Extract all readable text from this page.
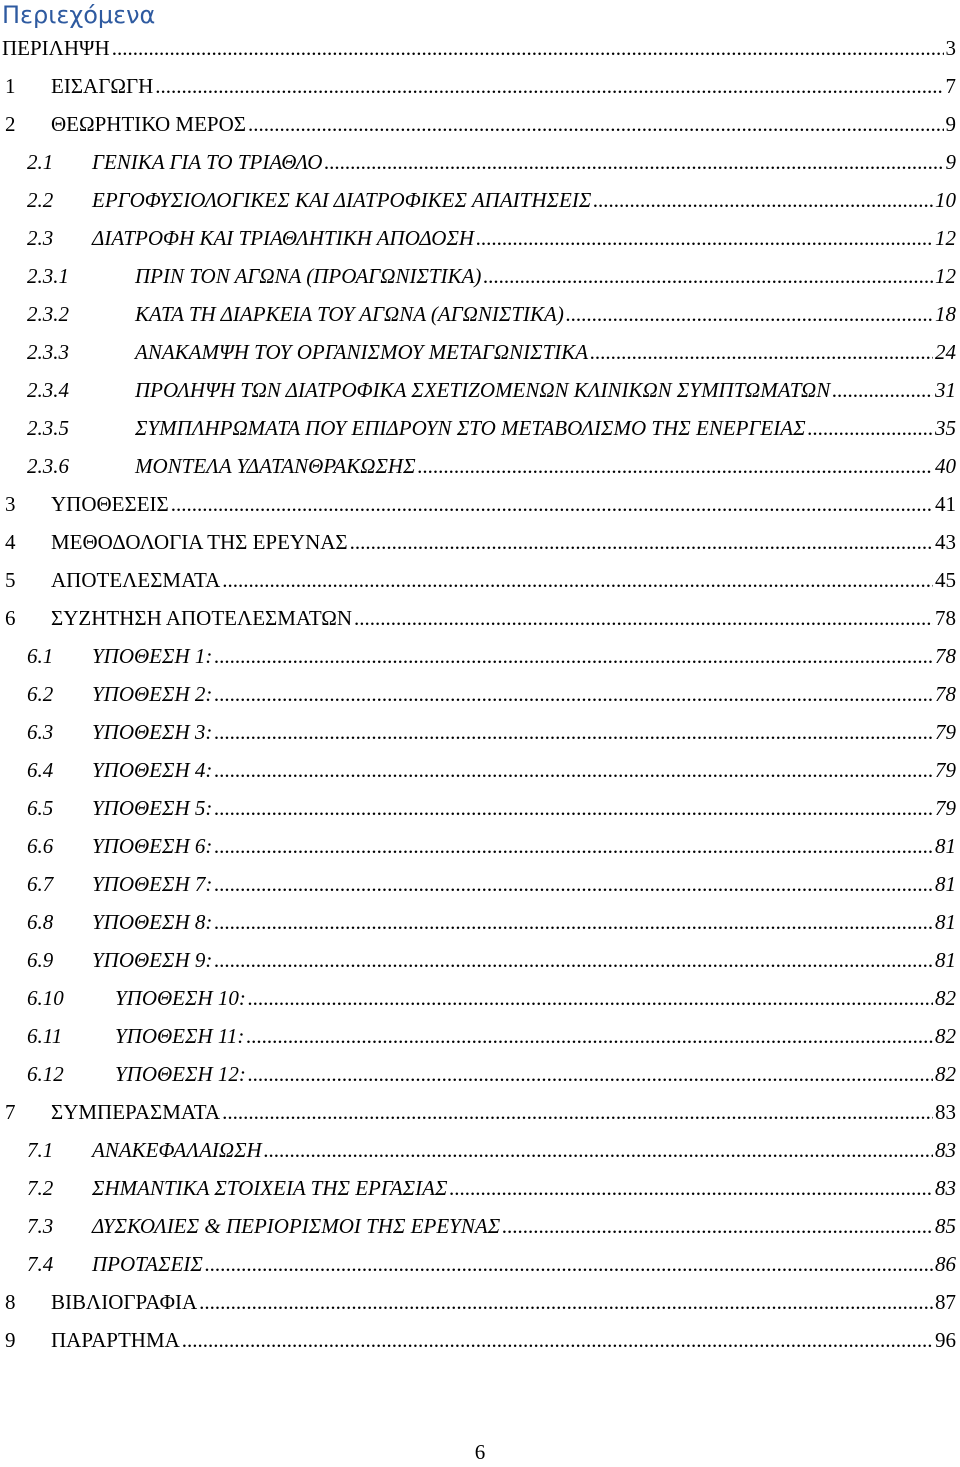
Περιεχόμενα
ΠΕΡΙΛΗΨΗ .....	3
1	ΕΙΣΑΓΩΓΗ .....	7
2	ΘΕΩΡΗΤΙΚΟ ΜΕΡΟΣ .....	9
2.1	ΓΕΝΙΚΑ ΓΙΑ ΤΟ ΤΡΙΑΘΛΟ .....	9
2.2	ΕΡΓΟΦΥΣΙΟΛΟΓΙΚΕΣ ΚΑΙ ΔΙΑΤΡΟΦΙΚΕΣ ΑΠΑΙΤΗΣΕΙΣ .....	10
2.3	ΔΙΑΤΡΟΦΗ ΚΑΙ ΤΡΙΑΘΛΗΤΙΚΗ ΑΠΟΔΟΣΗ .....	12
2.3.1	ΠΡΙΝ ΤΟΝ ΑΓΩΝΑ (ΠΡΟΑΓΩΝΙΣΤΙΚΑ) .....	12
2.3.2	ΚΑΤΑ ΤΗ ΔΙΑΡΚΕΙΑ ΤΟΥ ΑΓΩΝΑ (ΑΓΩΝΙΣΤΙΚΑ) .....	18
2.3.3	ΑΝΑΚΑΜΨΗ ΤΟΥ ΟΡΓΑΝΙΣΜΟΥ ΜΕΤΑΓΩΝΙΣΤΙΚΑ .....	24
2.3.4	ΠΡΟΛΗΨΗ ΤΩΝ ΔΙΑΤΡΟΦΙΚΑ ΣΧΕΤΙΖΟΜΕΝΩΝ ΚΛΙΝΙΚΩΝ ΣΥΜΠΤΩΜΑΤΩΝ .....	31
2.3.5	ΣΥΜΠΛΗΡΩΜΑΤΑ ΠΟΥ ΕΠΙΔΡΟΥΝ ΣΤΟ ΜΕΤΑΒΟΛΙΣΜΟ ΤΗΣ ΕΝΕΡΓΕΙΑΣ .....	35
2.3.6	ΜΟΝΤΕΛΑ ΥΔΑΤΑΝΘΡΑΚΩΣΗΣ .....	40
3	ΥΠΟΘΕΣΕΙΣ .....	41
4	ΜΕΘΟΔΟΛΟΓΙΑ ΤΗΣ ΕΡΕΥΝΑΣ .....	43
5	ΑΠΟΤΕΛΕΣΜΑΤΑ .....	45
6	ΣΥΖΗΤΗΣΗ ΑΠΟΤΕΛΕΣΜΑΤΩΝ .....	78
6.1	ΥΠΟΘΕΣΗ 1: .....	78
6.2	ΥΠΟΘΕΣΗ 2: .....	78
6.3	ΥΠΟΘΕΣΗ 3: .....	79
6.4	ΥΠΟΘΕΣΗ 4: .....	79
6.5	ΥΠΟΘΕΣΗ 5: .....	79
6.6	ΥΠΟΘΕΣΗ 6: .....	81
6.7	ΥΠΟΘΕΣΗ 7: .....	81
6.8	ΥΠΟΘΕΣΗ 8: .....	81
6.9	ΥΠΟΘΕΣΗ 9: .....	81
6.10	ΥΠΟΘΕΣΗ 10: .....	82
6.11	ΥΠΟΘΕΣΗ 11: .....	82
6.12	ΥΠΟΘΕΣΗ 12: .....	82
7	ΣΥΜΠΕΡΑΣΜΑΤΑ .....	83
7.1	ΑΝΑΚΕΦΑΛΑΙΩΣΗ .....	83
7.2	ΣΗΜΑΝΤΙΚΑ ΣΤΟΙΧΕΙΑ ΤΗΣ ΕΡΓΑΣΙΑΣ .....	83
7.3	ΔΥΣΚΟΛΙΕΣ & ΠΕΡΙΟΡΙΣΜΟΙ ΤΗΣ ΕΡΕΥΝΑΣ .....	85
7.4	ΠΡΟΤΑΣΕΙΣ .....	86
8	ΒΙΒΛΙΟΓΡΑΦΙΑ .....	87
9	ΠΑΡΑΡΤΗΜΑ .....	96
6
